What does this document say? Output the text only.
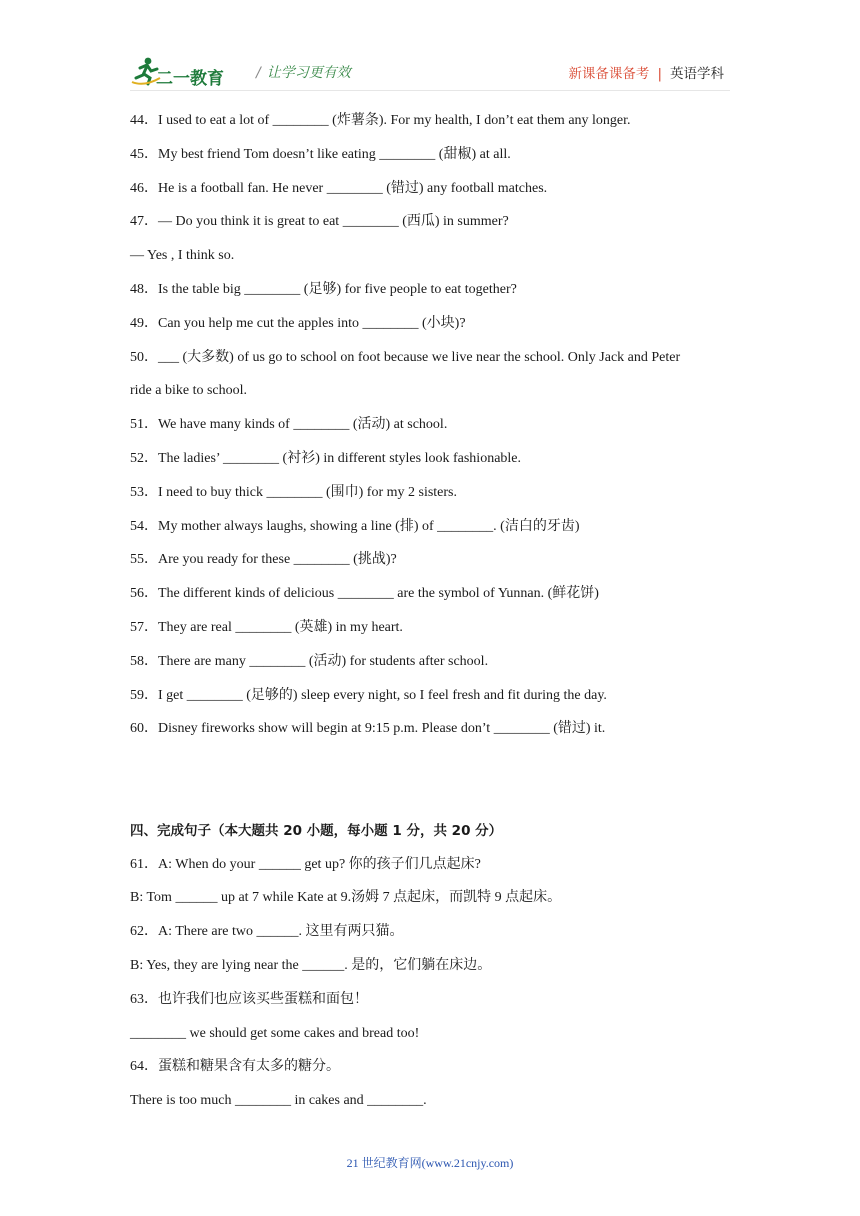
二一教育 / 让学习更有效	新课备课备考 | 英语学科
44．I used to eat a lot of ________ (炸薯条). For my health, I don’t eat them any longer.
45．My best friend Tom doesn’t like eating ________ (甜椒) at all.
46．He is a football fan. He never ________ (错过) any football matches.
47．— Do you think it is great to eat ________ (西瓜) in summer?
— Yes , I think so.
48．Is the table big ________ (足够) for five people to eat together?
49．Can you help me cut the apples into ________ (小块)?
50．___ (大多数) of us go to school on foot because we live near the school. Only Jack and Peter
ride a bike to school.
51．We have many kinds of ________ (活动) at school.
52．The ladies’ ________ (衬衫) in different styles look fashionable.
53．I need to buy thick ________ (围巾) for my 2 sisters.
54．My mother always laughs, showing a line (排) of ________. (洁白的牙齿)
55．Are you ready for these ________ (挑战)?
56．The different kinds of delicious ________ are the symbol of Yunnan. (鲜花饼)
57．They are real ________ (英雄) in my heart.
58．There are many ________ (活动) for students after school.
59．I get ________ (足够的) sleep every night, so I feel fresh and fit during the day.
60．Disney fireworks show will begin at 9:15 p.m. Please don’t ________ (错过) it.
四、完成句子（本大题共 20 小题，每小题 1 分，共 20 分）
61．A: When do your ______ get up? 你的孩子们几点起床?
B: Tom ______ up at 7 while Kate at 9.汤姆 7 点起床，而凯特 9 点起床。
62．A: There are two ______. 这里有两只猫。
B: Yes, they are lying near the ______. 是的，它们躺在床边。
63．也许我们也应该买些蛋糕和面包！
________ we should get some cakes and bread too!
64．蛋糕和糖果含有太多的糖分。
There is too much ________ in cakes and ________.
21 世纪教育网(www.21cnjy.com)
